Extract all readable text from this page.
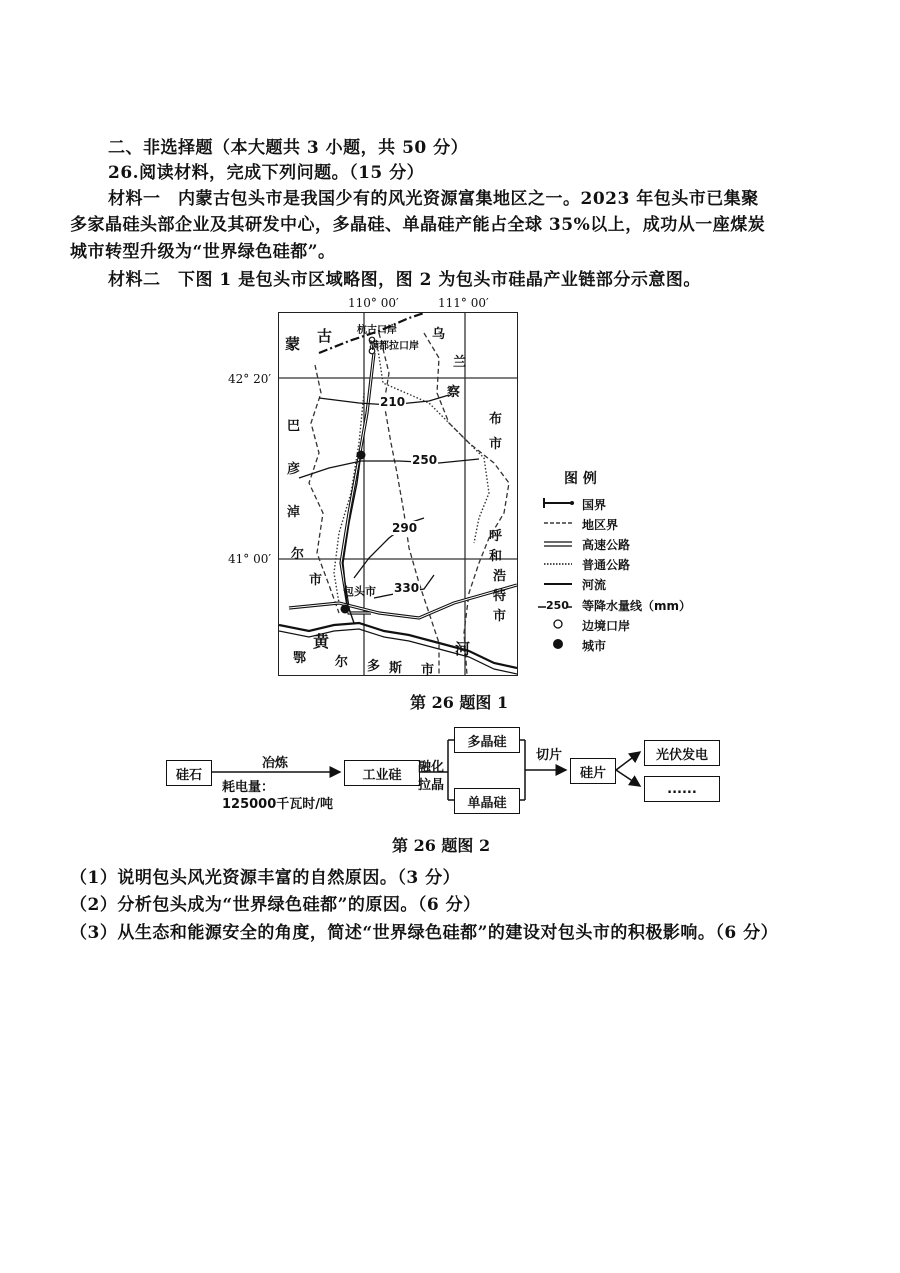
二、非选择题（本大题共 3 小题，共 50 分）
26.阅读材料，完成下列问题。（15 分）
材料一　内蒙古包头市是我国少有的风光资源富集地区之一。2023 年包头市已集聚
多家晶硅头部企业及其研发中心，多晶硅、单晶硅产能占全球 35%以上，成功从一座煤炭
城市转型升级为“世界绿色硅都”。
材料二　下图 1 是包头市区域略图，图 2 为包头市硅晶产业链部分示意图。
110° 00′	111° 00′
42° 20′
41° 00′
蒙 古	乌
兰
察
布
市
巴
彦
淖
尔
市
呼
和
浩
特
市
黄	河
鄂 尔 多 斯 市
杭古口岸
满都拉口岸
包头市
210
250
290
330
图 例
250
国界
地区界
高速公路
普通公路
河流
等降水量线（mm）
边境口岸
城市
第 26 题图 1
硅石
冶炼
耗电量：
125000千瓦时/吨
工业硅	融化
拉晶
多晶硅
单晶硅
切片
硅片
光伏发电
......
第 26 题图 2
（1）说明包头风光资源丰富的自然原因。（3 分）
（2）分析包头成为“世界绿色硅都”的原因。（6 分）
（3）从生态和能源安全的角度，简述“世界绿色硅都”的建设对包头市的积极影响。（6 分）
